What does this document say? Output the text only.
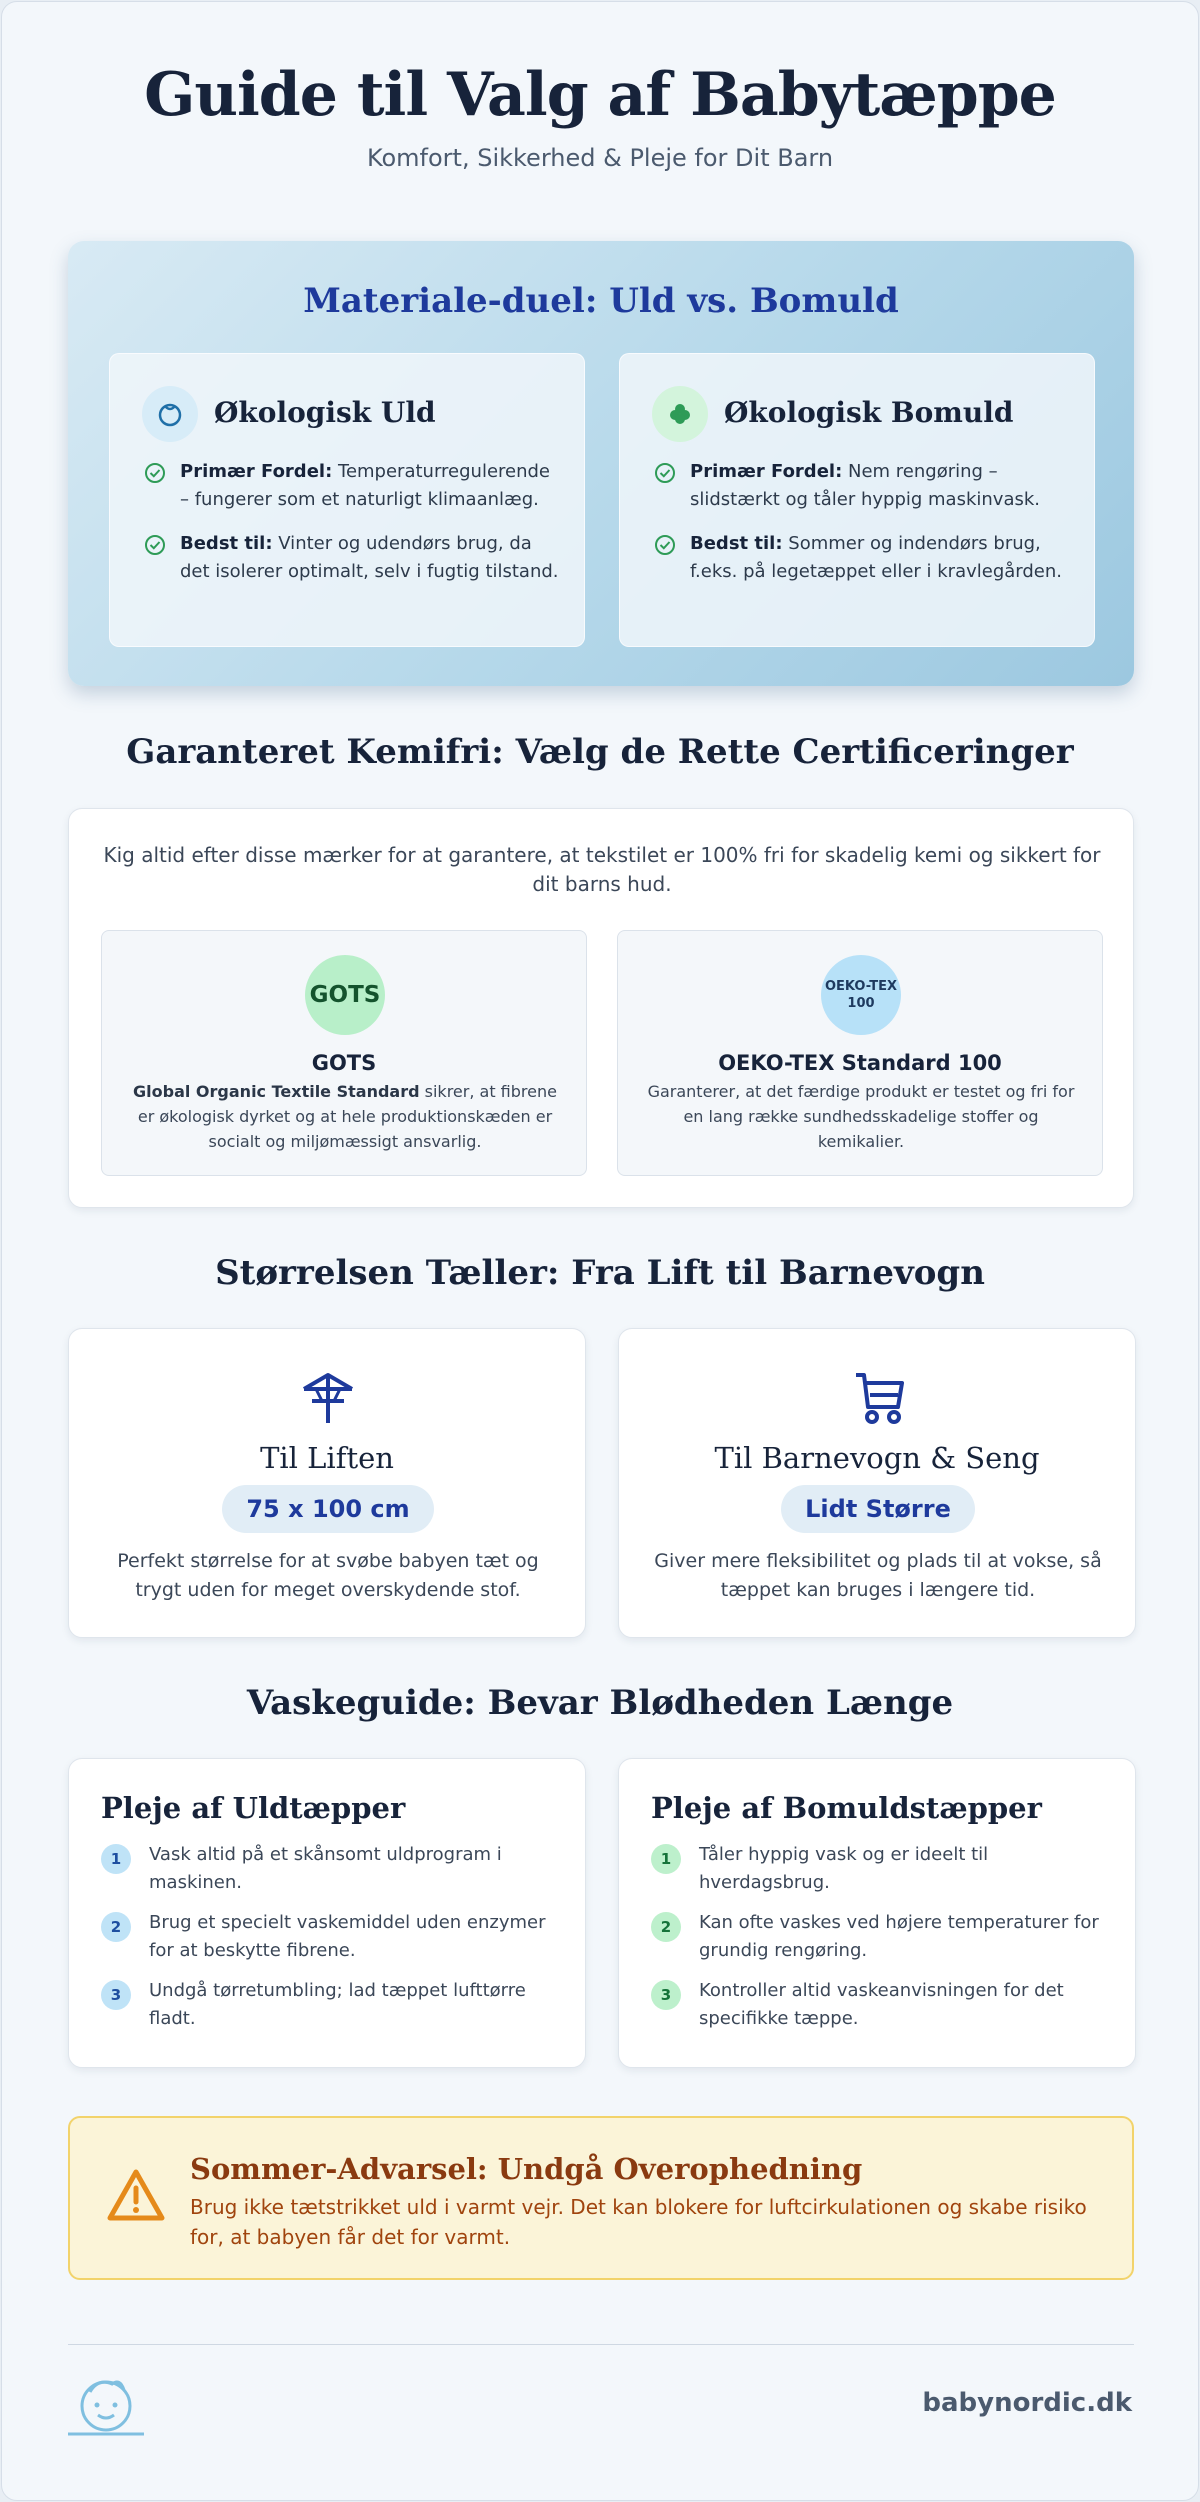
Guide til Valg af Babytæppe
Komfort, Sikkerhed & Pleje for Dit Barn
Materiale-duel: Uld vs. Bomuld
Økologisk Uld
Primær Fordel: Temperaturregulerende – fungerer som et naturligt klimaanlæg.
Bedst til: Vinter og udendørs brug, da det isolerer optimalt, selv i fugtig tilstand.
Økologisk Bomuld
Primær Fordel: Nem rengøring – slidstærkt og tåler hyppig maskinvask.
Bedst til: Sommer og indendørs brug, f.eks. på legetæppet eller i kravlegården.
Garanteret Kemifri: Vælg de Rette Certificeringer

Kig altid efter disse mærker for at garantere, at tekstilet er 100% fri for skadelig kemi og sikkert for dit barns hud.

GOTS
GOTS

Global Organic Textile Standard sikrer, at fibrene er økologisk dyrket og at hele produktionskæden er socialt og miljømæssigt ansvarlig.

OEKO-TEX
100
OEKO-TEX Standard 100

Garanterer, at det færdige produkt er testet og fri for en lang række sundhedsskadelige stoffer og kemikalier.

Størrelsen Tæller: Fra Lift til Barnevogn
Til Liften
75 x 100 cm

Perfekt størrelse for at svøbe babyen tæt og trygt uden for meget overskydende stof.

Til Barnevogn & Seng
Lidt Større

Giver mere fleksibilitet og plads til at vokse, så tæppet kan bruges i længere tid.

Vaskeguide: Bevar Blødheden Længe
Pleje af Uldtæpper
1	Vask altid på et skånsomt uldprogram i maskinen.
2	Brug et specielt vaskemiddel uden enzymer for at beskytte fibrene.
3	Undgå tørretumbling; lad tæppet lufttørre fladt.
Pleje af Bomuldstæpper
1	Tåler hyppig vask og er ideelt til hverdagsbrug.
2	Kan ofte vaskes ved højere temperaturer for grundig rengøring.
3	Kontroller altid vaskeanvisningen for det specifikke tæppe.
Sommer-Advarsel: Undgå Overophedning

Brug ikke tætstrikket uld i varmt vejr. Det kan blokere for luftcirkulationen og skabe risiko for, at babyen får det for varmt.

babynordic.dk
